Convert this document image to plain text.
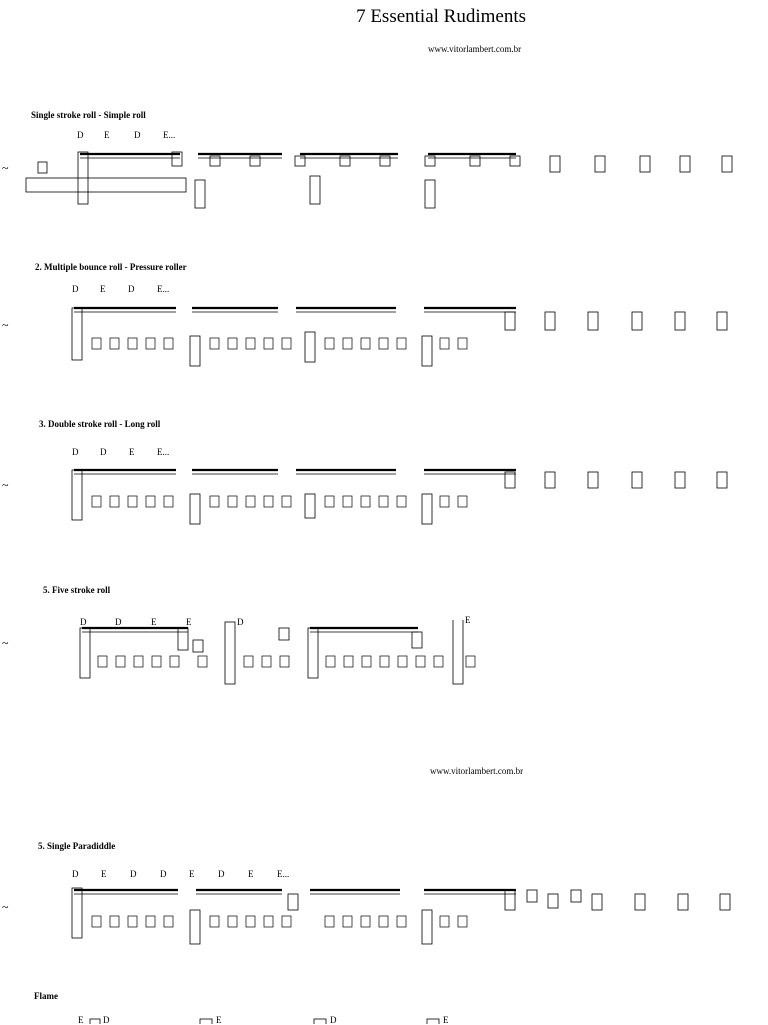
7 Essential Rudiments
www.vitorlambert.com.br
Single stroke roll - Simple roll
D E	D	E...
~
2. Multiple bounce roll - Pressure roller
D E	D	E...
~
3. Double stroke roll - Long roll
D D	E	E...
~
5. Five stroke roll
D	D	E	E	D	E
~
www.vitorlambert.com.br
5. Single Paradiddle
D	E	D	D	E	D	E	E...
~
Flame
E D	E	D	E
